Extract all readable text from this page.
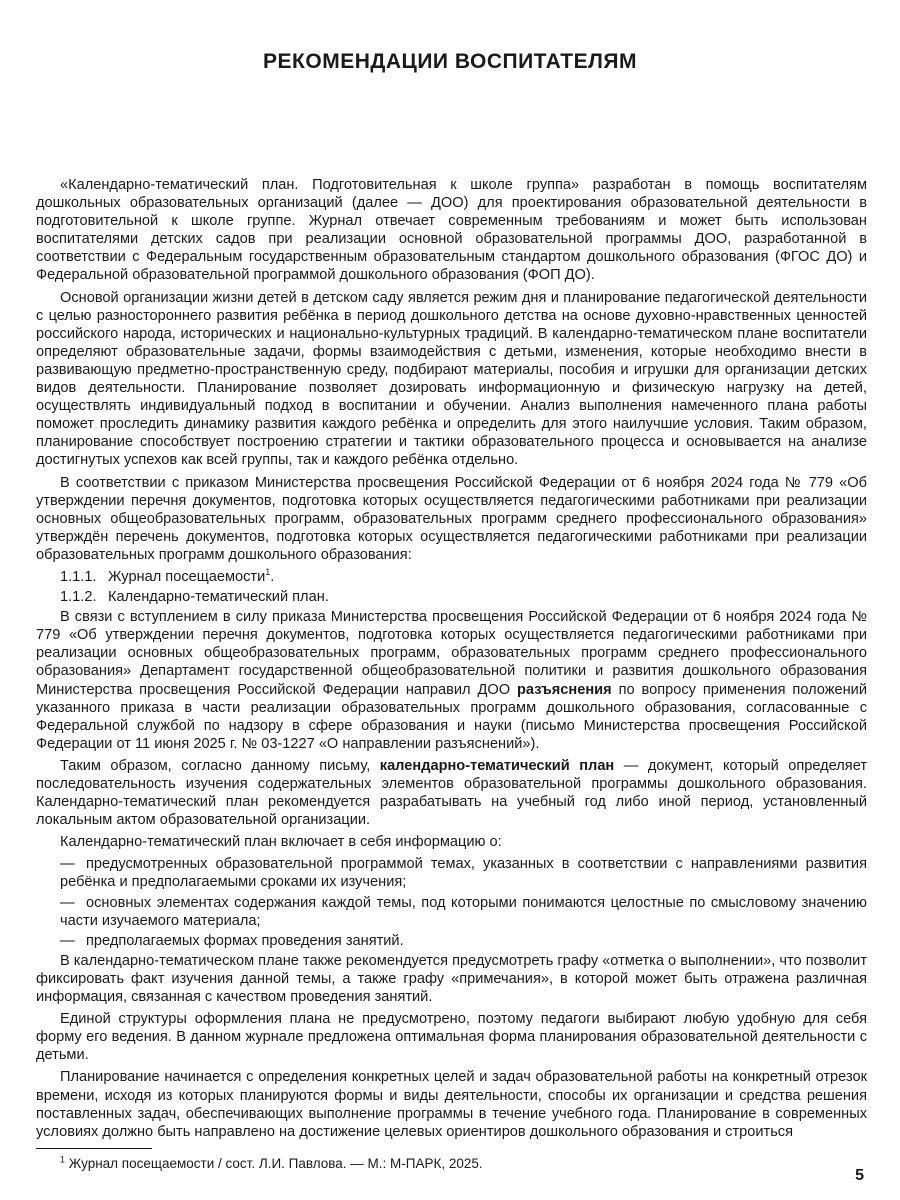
РЕКОМЕНДАЦИИ ВОСПИТАТЕЛЯМ

«Календарно-тематический план. Подготовительная к школе группа» разработан в помощь воспитателям дошкольных образовательных организаций (далее — ДОО) для проектирования образовательной деятельности в подготовительной к школе группе. Журнал отвечает современным требованиям и может быть использован воспитателями детских садов при реализации основной образовательной программы ДОО, разработанной в соответствии с Федеральным государственным образовательным стандартом дошкольного образования (ФГОС ДО) и Федеральной образовательной программой дошкольного образования (ФОП ДО).

Основой организации жизни детей в детском саду является режим дня и планирование педагогической деятельности с целью разностороннего развития ребёнка в период дошкольного детства на основе духовно-нравственных ценностей российского народа, исторических и национально-культурных традиций. В календарно-тематическом плане воспитатели определяют образовательные задачи, формы взаимодействия с детьми, изменения, которые необходимо внести в развивающую предметно-пространственную среду, подбирают материалы, пособия и игрушки для организации детских видов деятельности. Планирование позволяет дозировать информационную и физическую нагрузку на детей, осуществлять индивидуальный подход в воспитании и обучении. Анализ выполнения намеченного плана работы поможет проследить динамику развития каждого ребёнка и определить для этого наилучшие условия. Таким образом, планирование способствует построению стратегии и тактики образовательного процесса и основывается на анализе достигнутых успехов как всей группы, так и каждого ребёнка отдельно.

В соответствии с приказом Министерства просвещения Российской Федерации от 6 ноября 2024 года № 779 «Об утверждении перечня документов, подготовка которых осуществляется педагогическими работниками при реализации основных общеобразовательных программ, образовательных программ среднего профессионального образования» утверждён перечень документов, подготовка которых осуществляется педагогическими работниками при реализации образовательных программ дошкольного образования:

1.1.1. Журнал посещаемости$^1$.

1.1.2. Календарно-тематический план.

В связи с вступлением в силу приказа Министерства просвещения Российской Федерации от 6 ноября 2024 года № 779 «Об утверждении перечня документов, подготовка которых осуществляется педагогическими работниками при реализации основных общеобразовательных программ, образовательных программ среднего профессионального образования» Департамент государственной общеобразовательной политики и развития дошкольного образования Министерства просвещения Российской Федерации направил ДОО разъяснения по вопросу применения положений указанного приказа в части реализации образовательных программ дошкольного образования, согласованные с Федеральной службой по надзору в сфере образования и науки (письмо Министерства просвещения Российской Федерации от 11 июня 2025 г. № 03-1227 «О направлении разъяснений»).

Таким образом, согласно данному письму, календарно-тематический план — документ, который определяет последовательность изучения содержательных элементов образовательной программы дошкольного образования. Календарно-тематический план рекомендуется разрабатывать на учебный год либо иной период, установленный локальным актом образовательной организации.

Календарно-тематический план включает в себя информацию о:

— предусмотренных образовательной программой темах, указанных в соответствии с направлениями развития ребёнка и предполагаемыми сроками их изучения;

— основных элементах содержания каждой темы, под которыми понимаются целостные по смысловому значению части изучаемого материала;

— предполагаемых формах проведения занятий.

В календарно-тематическом плане также рекомендуется предусмотреть графу «отметка о выполнении», что позволит фиксировать факт изучения данной темы, а также графу «примечания», в которой может быть отражена различная информация, связанная с качеством проведения занятий.

Единой структуры оформления плана не предусмотрено, поэтому педагоги выбирают любую удобную для себя форму его ведения. В данном журнале предложена оптимальная форма планирования образовательной деятельности с детьми.

Планирование начинается с определения конкретных целей и задач образовательной работы на конкретный отрезок времени, исходя из которых планируются формы и виды деятельности, способы их организации и средства решения поставленных задач, обеспечивающих выполнение программы в течение учебного года. Планирование в современных условиях должно быть направлено на достижение целевых ориентиров дошкольного образования и строиться

$^1$ Журнал посещаемости / сост. Л.И. Павлова. — М.: М-ПАРК, 2025.
5
